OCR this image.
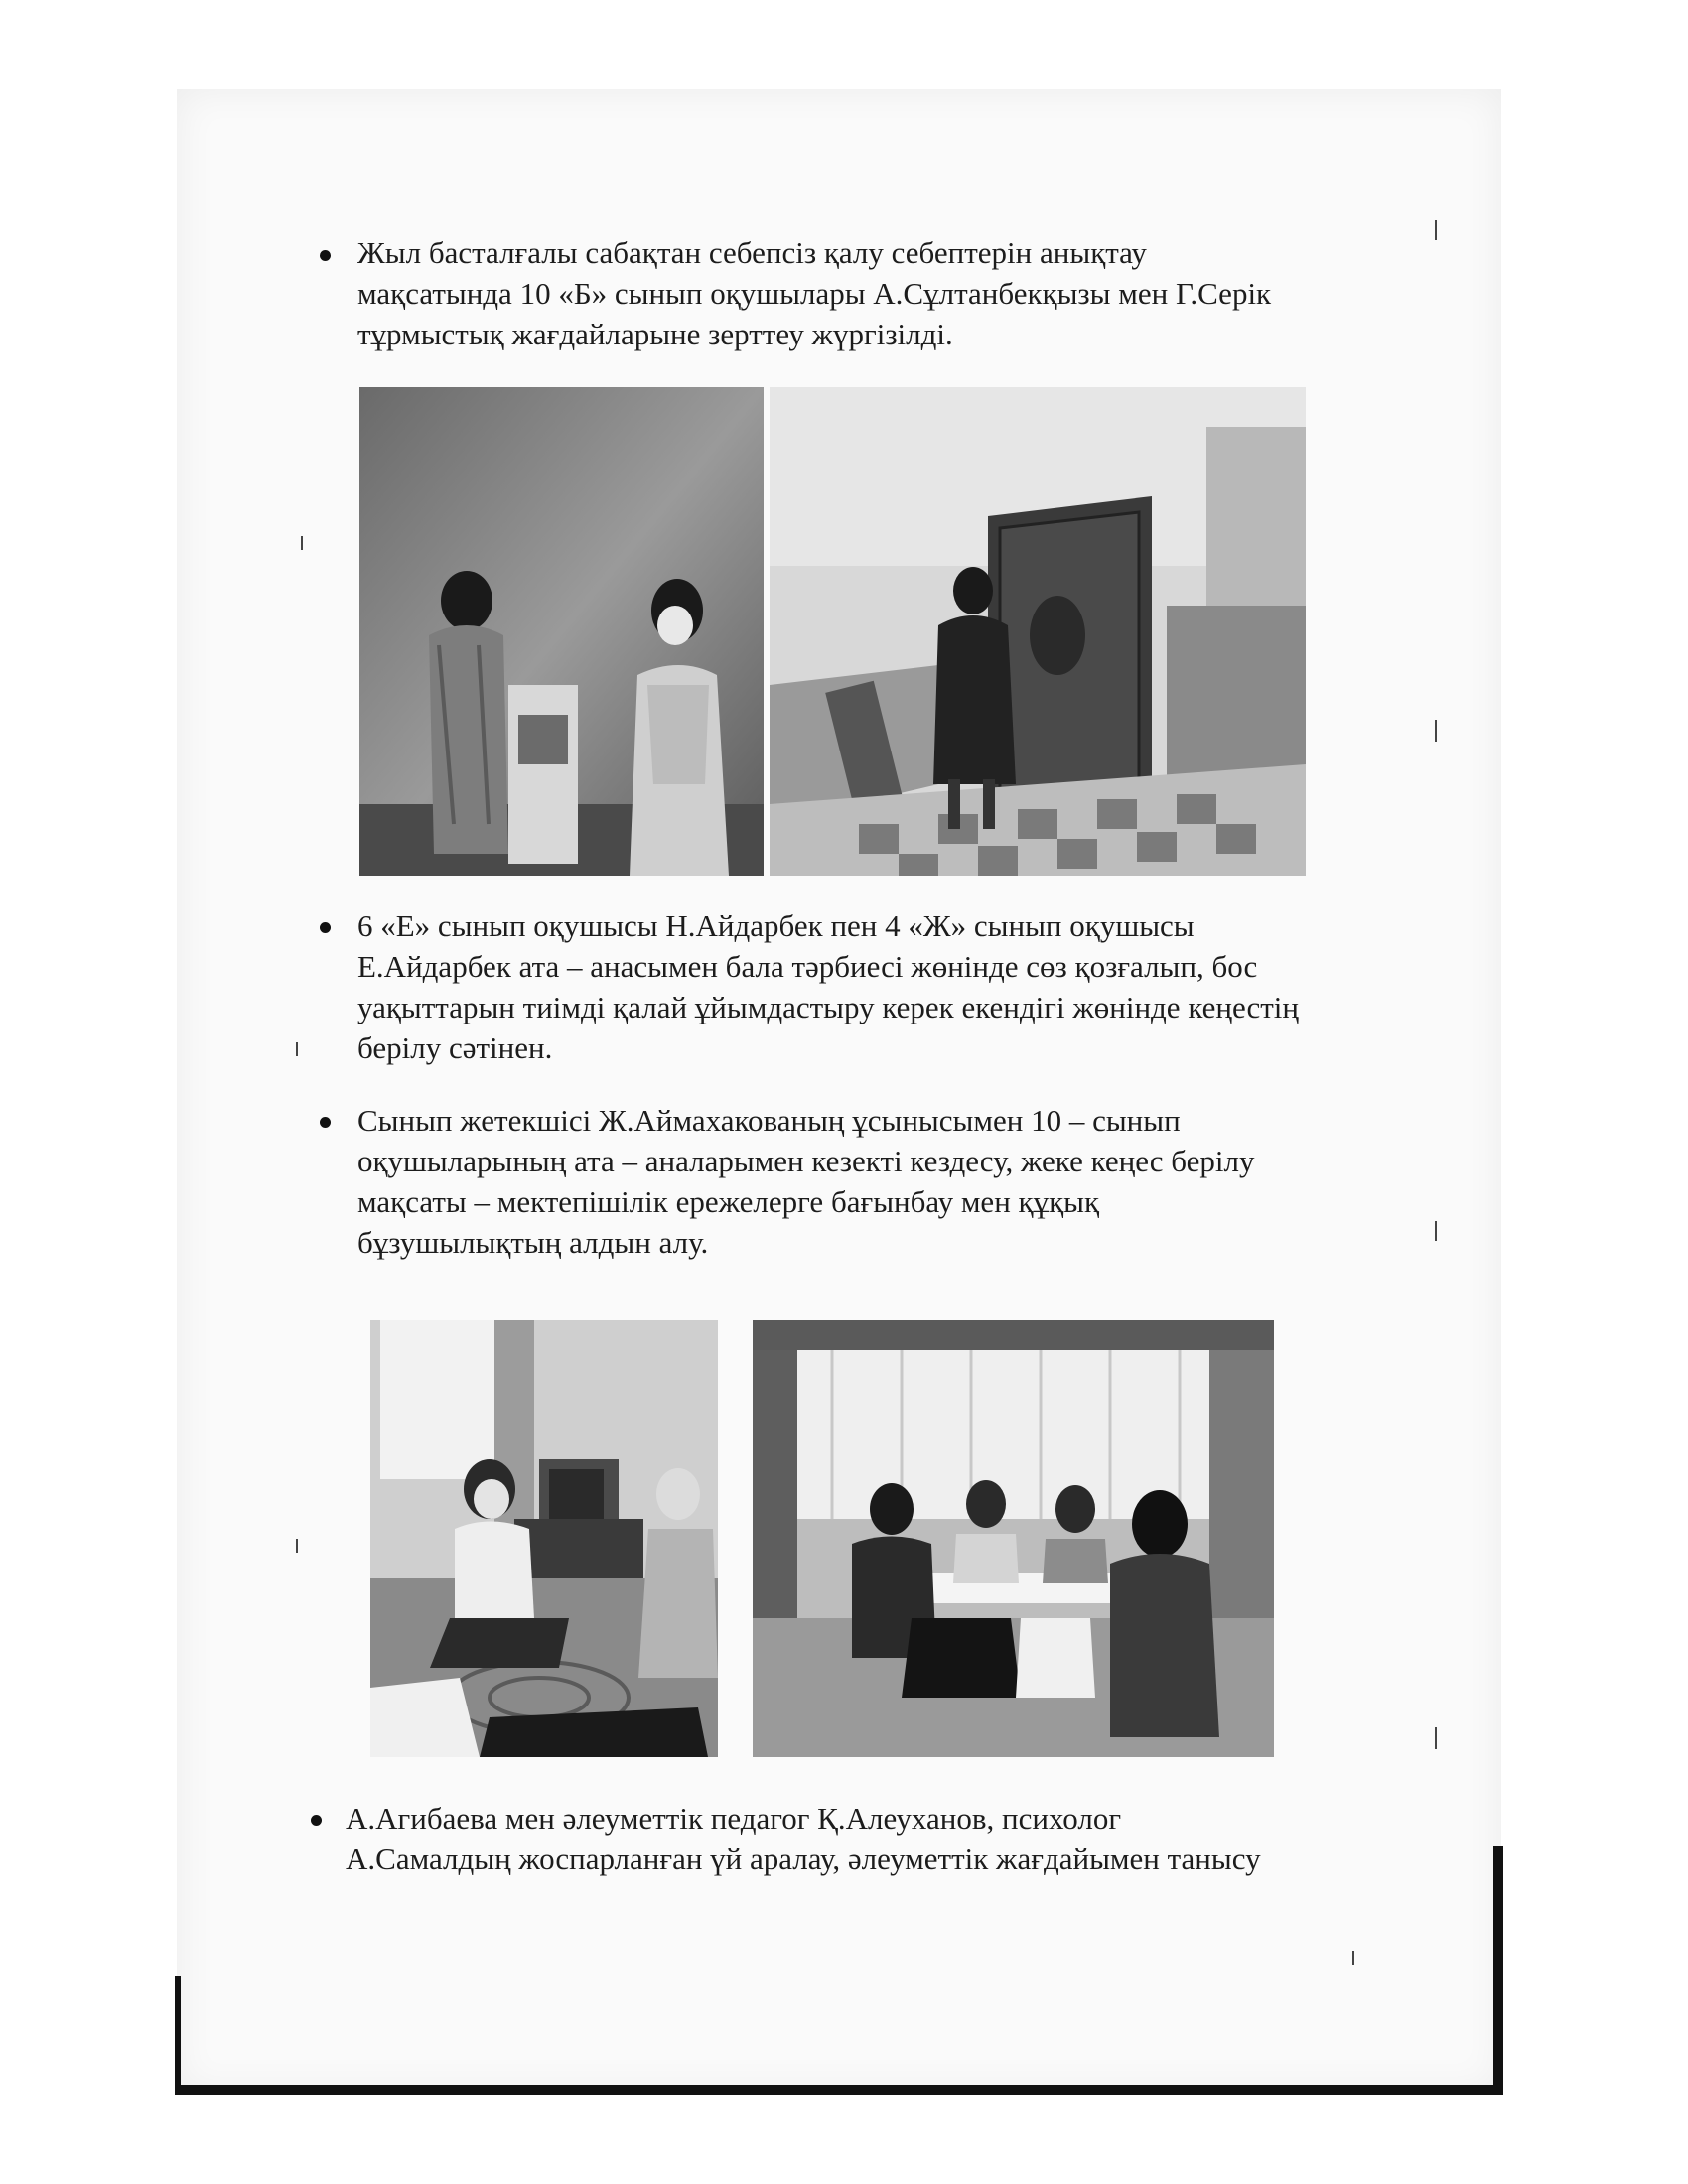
Жыл басталғалы сабақтан себепсіз қалу себептерін анықтау
мақсатында 10 «Б» сынып оқушылары А.Сұлтанбекқызы мен Г.Серік
тұрмыстық жағдайларыне зерттеу жүргізілді.
6 «Е» сынып оқушысы Н.Айдарбек пен 4 «Ж» сынып оқушысы
Е.Айдарбек ата – анасымен бала тәрбиесі жөнінде сөз қозғалып, бос
уақыттарын тиімді қалай ұйымдастыру керек екендігі жөнінде кеңестің
берілу сәтінен.
Сынып жетекшісі Ж.Аймахакованың ұсынысымен 10 – сынып
оқушыларының ата – аналарымен кезекті кездесу, жеке кеңес берілу
мақсаты – мектепішілік ережелерге бағынбау мен құқық
бұзушылықтың алдын алу.
А.Агибаева мен әлеуметтік педагог Қ.Алеуханов, психолог
А.Самалдың жоспарланған үй аралау, әлеуметтік жағдайымен танысу
